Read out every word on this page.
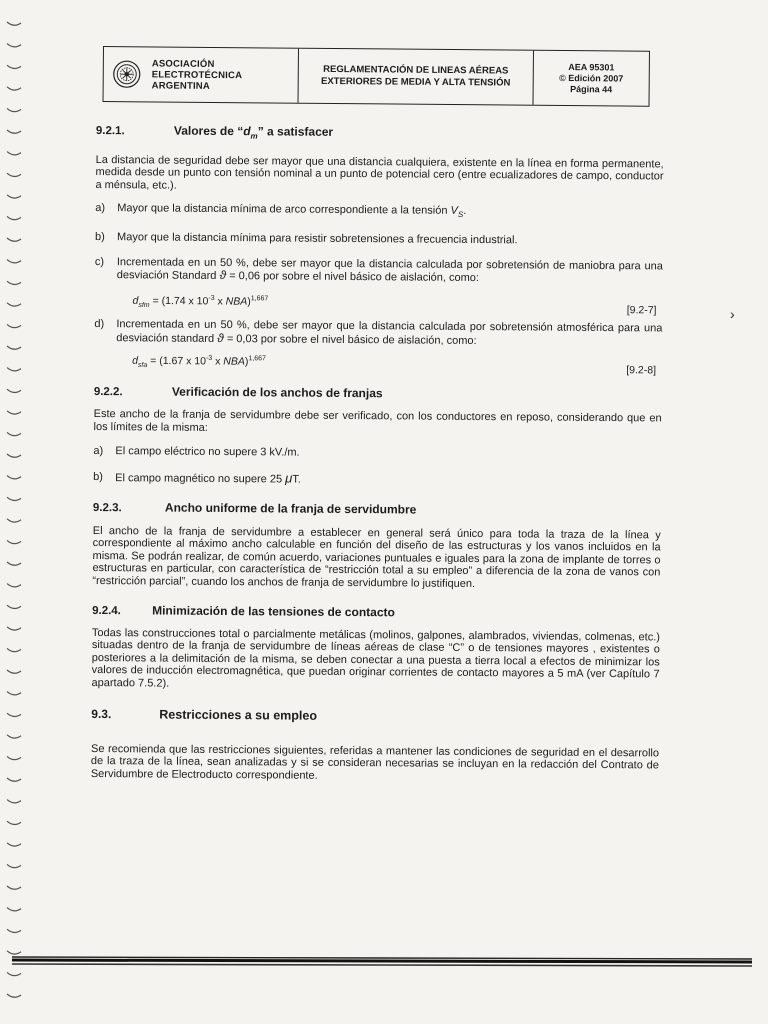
ASOCIACIÓN
ELECTROTÉCNICA
ARGENTINA
REGLAMENTACIÓN DE LINEAS AÉREAS
EXTERIORES DE MEDIA Y ALTA TENSIÓN
AEA 95301
© Edición 2007
Página 44
9.2.1.	Valores de “$d_m$” a satisfacer

La distancia de seguridad debe ser mayor que una distancia cualquiera, existente en la línea en forma permanente, medida desde un punto con tensión nominal a un punto de potencial cero (entre ecualizadores de campo, conductor a ménsula, etc.).

a)	Mayor que la distancia mínima de arco correspondiente a la tensión $V_S$.
b)	Mayor que la distancia mínima para resistir sobretensiones a frecuencia industrial.
c)	Incrementada en un 50 %, debe ser mayor que la distancia calculada por sobretensión de maniobra para una desviación Standard ϑ = 0,06 por sobre el nivel básico de aislación, como:
$d_{sfm} = (1.74$ x $10^{-3}$ x NBA)$^{1,667}$
[9.2-7]
d)	Incrementada en un 50 %, debe ser mayor que la distancia calculada por sobretensión atmosférica para una desviación standard ϑ = 0,03 por sobre el nivel básico de aislación, como:
$d_{sfa} = (1.67$ x $10^{-3}$ x NBA)$^{1,667}$
[9.2-8]
9.2.2.	Verificación de los anchos de franjas

Este ancho de la franja de servidumbre debe ser verificado, con los conductores en reposo, considerando que en los límites de la misma:

a)	El campo eléctrico no supere 3 kV./m.
b)	El campo magnético no supere 25 μT.
9.2.3.	Ancho uniforme de la franja de servidumbre

El ancho de la franja de servidumbre a establecer en general será único para toda la traza de la línea y correspondiente al máximo ancho calculable en función del diseño de las estructuras y los vanos incluidos en la misma. Se podrán realizar, de común acuerdo, variaciones puntuales e iguales para la zona de implante de torres o estructuras en particular, con característica de “restricción total a su empleo” a diferencia de la zona de vanos con “restricción parcial”, cuando los anchos de franja de servidumbre lo justifiquen.

9.2.4.	Minimización de las tensiones de contacto

Todas las construcciones total o parcialmente metálicas (molinos, galpones, alambrados, viviendas, colmenas, etc.) situadas dentro de la franja de servidumbre de líneas aéreas de clase “C” o de tensiones mayores , existentes o posteriores a la delimitación de la misma, se deben conectar a una puesta a tierra local a efectos de minimizar los valores de inducción electromagnética, que puedan originar corrientes de contacto mayores a 5 mA (ver Capítulo 7 apartado 7.5.2).

9.3.	Restricciones a su empleo

Se recomienda que las restricciones siguientes, referidas a mantener las condiciones de seguridad en el desarrollo de la traza de la línea, sean analizadas y si se consideran necesarias se incluyan en la redacción del Contrato de Servidumbre de Electroducto correspondiente.

›
